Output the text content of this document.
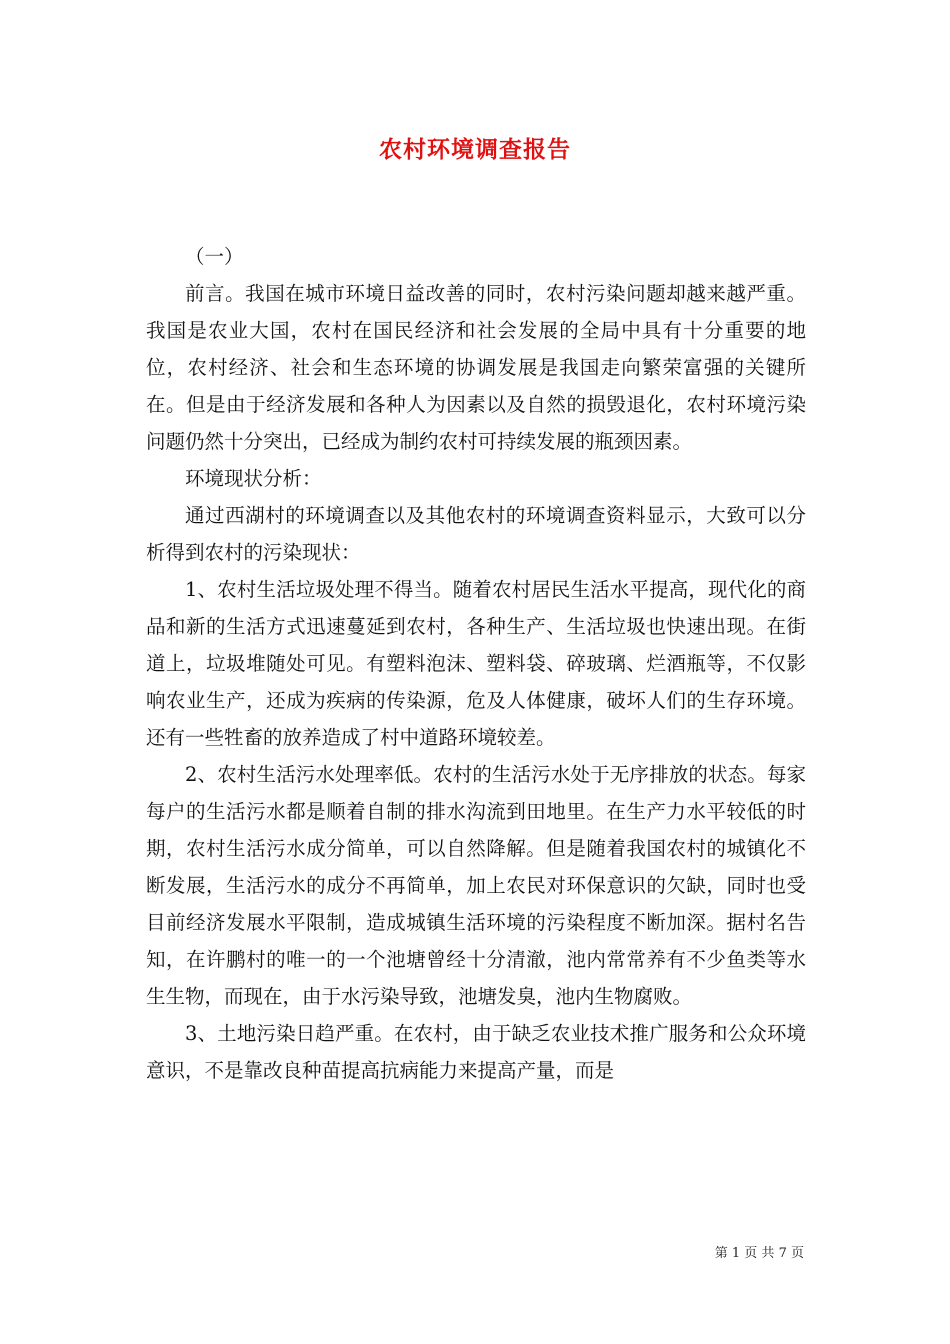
农村环境调查报告

（一）

前言。我国在城市环境日益改善的同时，农村污染问题却越来越严重。我国是农业大国，农村在国民经济和社会发展的全局中具有十分重要的地位，农村经济、社会和生态环境的协调发展是我国走向繁荣富强的关键所在。但是由于经济发展和各种人为因素以及自然的损毁退化，农村环境污染问题仍然十分突出，已经成为制约农村可持续发展的瓶颈因素。

环境现状分析：

通过西湖村的环境调查以及其他农村的环境调查资料显示，大致可以分析得到农村的污染现状：

1、农村生活垃圾处理不得当。随着农村居民生活水平提高，现代化的商品和新的生活方式迅速蔓延到农村，各种生产、生活垃圾也快速出现。在街道上，垃圾堆随处可见。有塑料泡沫、塑料袋、碎玻璃、烂酒瓶等，不仅影响农业生产，还成为疾病的传染源，危及人体健康，破坏人们的生存环境。还有一些牲畜的放养造成了村中道路环境较差。

2、农村生活污水处理率低。农村的生活污水处于无序排放的状态。每家每户的生活污水都是顺着自制的排水沟流到田地里。在生产力水平较低的时期，农村生活污水成分简单，可以自然降解。但是随着我国农村的城镇化不断发展，生活污水的成分不再简单，加上农民对环保意识的欠缺，同时也受目前经济发展水平限制，造成城镇生活环境的污染程度不断加深。据村名告知，在许鹏村的唯一的一个池塘曾经十分清澈，池内常常养有不少鱼类等水生生物，而现在，由于水污染导致，池塘发臭，池内生物腐败。

3、土地污染日趋严重。在农村，由于缺乏农业技术推广服务和公众环境意识，不是靠改良种苗提高抗病能力来提高产量，而是

第 1 页 共 7 页
